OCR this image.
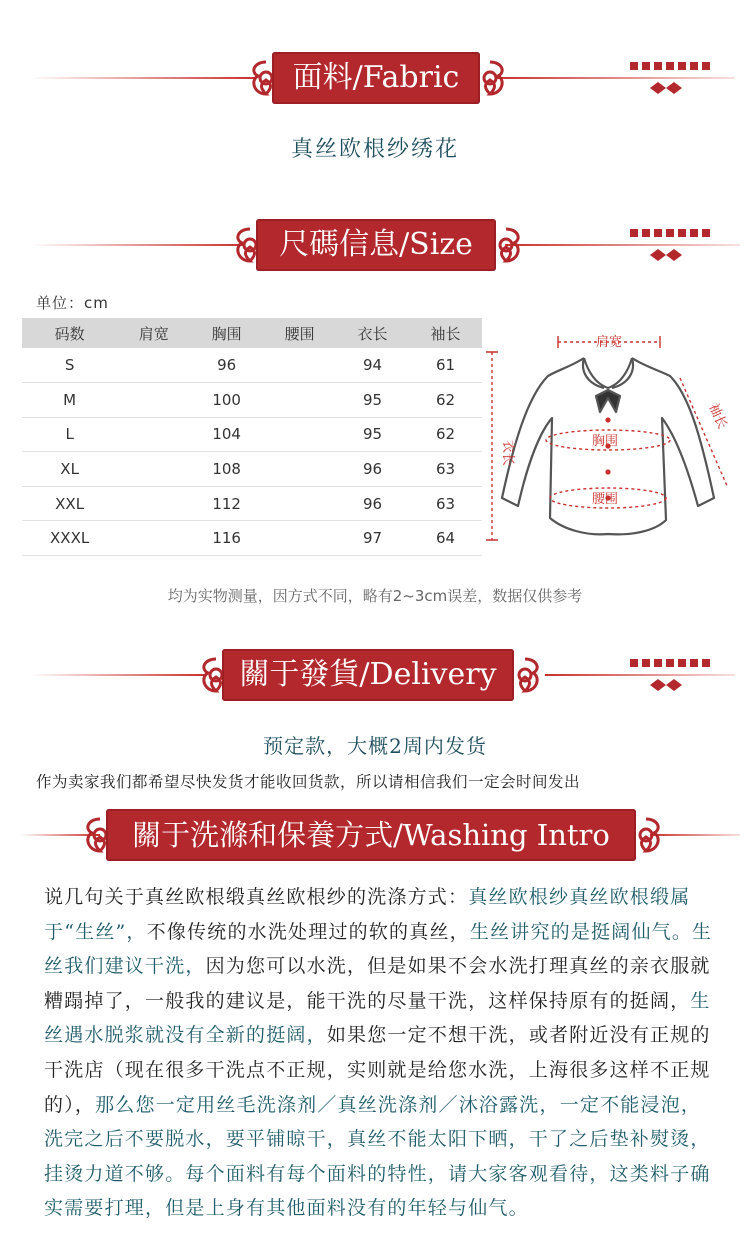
面料/Fabric
真丝欧根纱绣花
尺碼信息/Size
单位：cm
码数	肩宽	胸围	腰围	衣长	袖长
S		96		94	61
M		100		95	62
L		104		95	62
XL		108		96	63
XXL		112		96	63
XXXL		116		97	64
肩宽
胸围
腰围
衣长
袖长
均为实物测量，因方式不同，略有2~3cm误差，数据仅供参考
關于發貨/Delivery
预定款，大概2周内发货
作为卖家我们都希望尽快发货才能收回货款，所以请相信我们一定会时间发出
關于洗滌和保養方式/Washing Intro
说几句关于真丝欧根缎真丝欧根纱的洗涤方式：真丝欧根纱真丝欧根缎属于“生丝”，不像传统的水洗处理过的软的真丝，生丝讲究的是挺阔仙气。生丝我们建议干洗，因为您可以水洗，但是如果不会水洗打理真丝的亲衣服就糟蹋掉了，一般我的建议是，能干洗的尽量干洗，这样保持原有的挺阔，生丝遇水脱浆就没有全新的挺阔，如果您一定不想干洗，或者附近没有正规的干洗店（现在很多干洗点不正规，实则就是给您水洗，上海很多这样不正规的），那么您一定用丝毛洗涤剂／真丝洗涤剂／沐浴露洗，一定不能浸泡，洗完之后不要脱水，要平铺晾干，真丝不能太阳下晒，干了之后垫补熨烫，挂烫力道不够。每个面料有每个面料的特性，请大家客观看待，这类料子确实需要打理，但是上身有其他面料没有的年轻与仙气。
